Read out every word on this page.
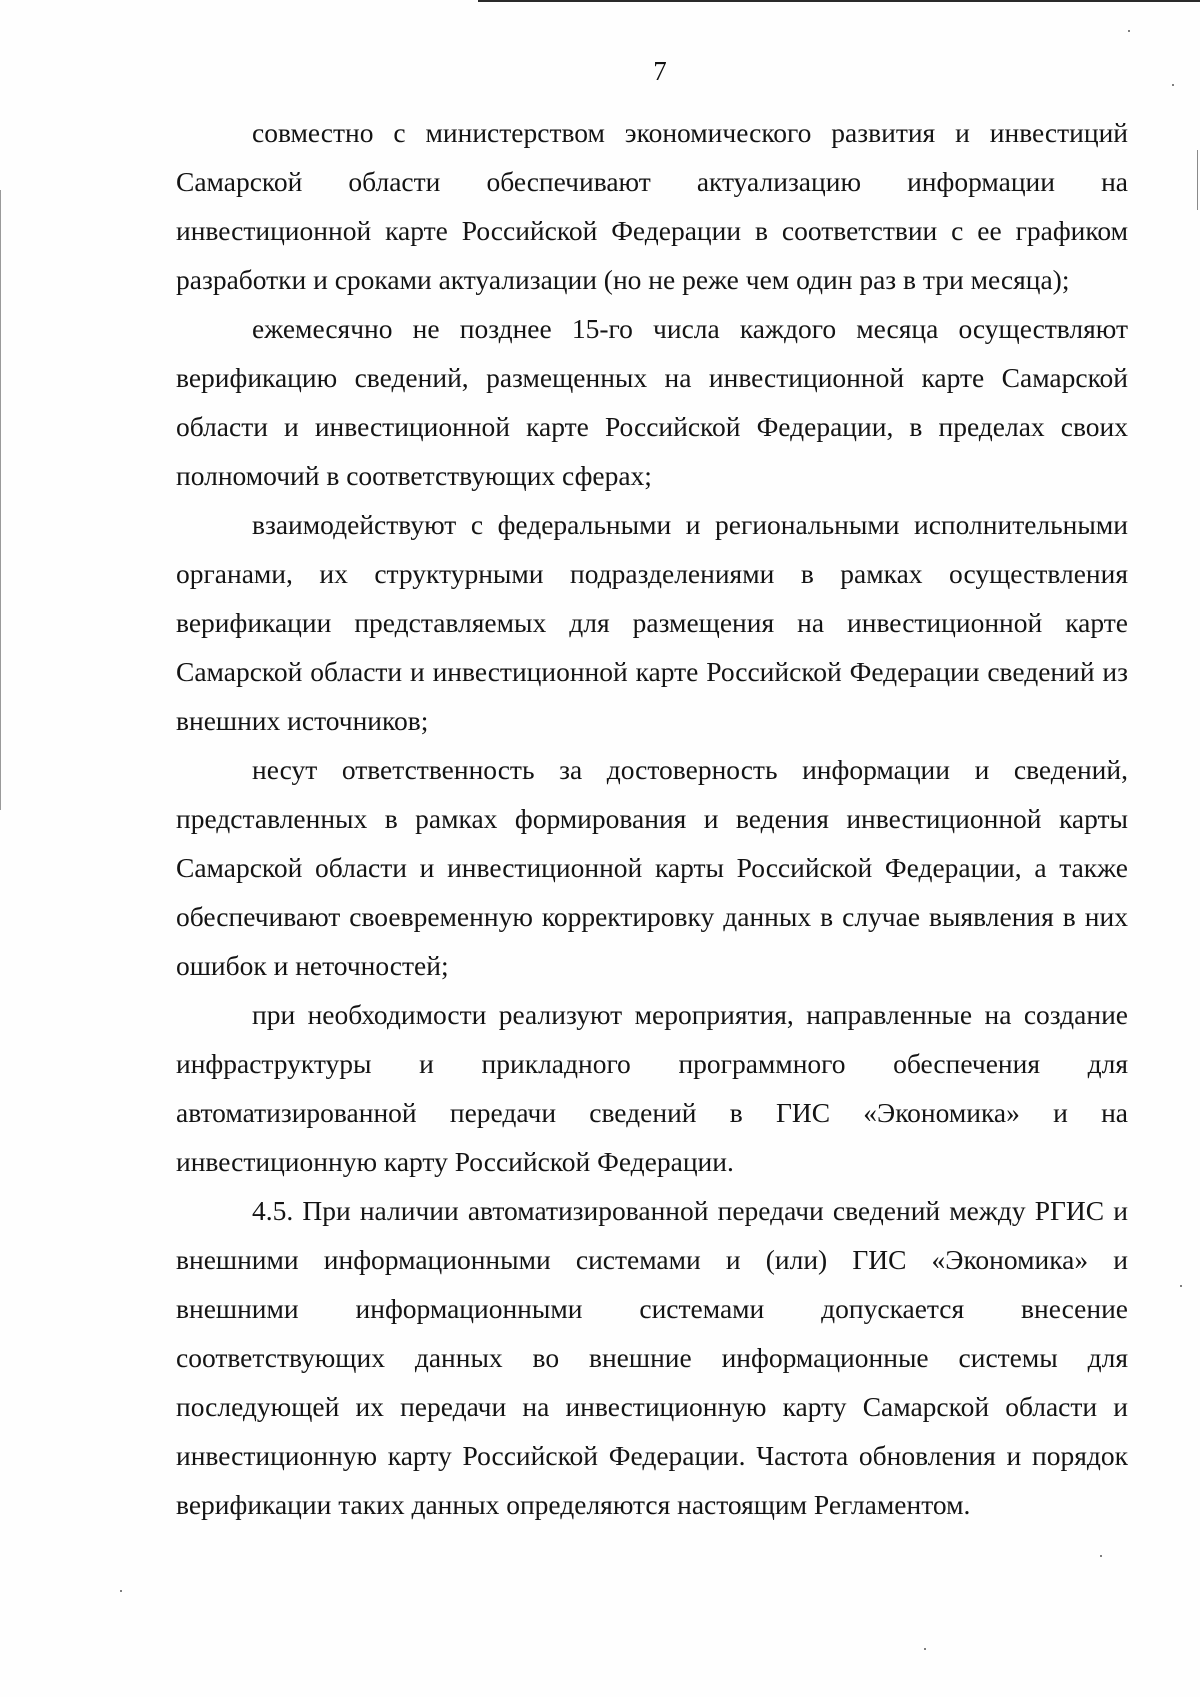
7

совместно с министерством экономического развития и инвестиций Самарской области обеспечивают актуализацию информации на инвестиционной карте Российской Федерации в соответствии с ее графиком разработки и сроками актуализации (но не реже чем один раз в три месяца);

ежемесячно не позднее 15-го числа каждого месяца осуществляют верификацию сведений, размещенных на инвестиционной карте Самарской области и инвестиционной карте Российской Федерации, в пределах своих полномочий в соответствующих сферах;

взаимодействуют с федеральными и региональными исполнительными органами, их структурными подразделениями в рамках осуществления верификации представляемых для размещения на инвестиционной карте Самарской области и инвестиционной карте Российской Федерации сведений из внешних источников;

несут ответственность за достоверность информации и сведений, представленных в рамках формирования и ведения инвестиционной карты Самарской области и инвестиционной карты Российской Федерации, а также обеспечивают своевременную корректировку данных в случае выявления в них ошибок и неточностей;

при необходимости реализуют мероприятия, направленные на создание инфраструктуры и прикладного программного обеспечения для автоматизированной передачи сведений в ГИС «Экономика» и на инвестиционную карту Российской Федерации.

4.5. При наличии автоматизированной передачи сведений между РГИС и внешними информационными системами и (или) ГИС «Экономика» и внешними информационными системами допускается внесение соответствующих данных во внешние информационные системы для последующей их передачи на инвестиционную карту Самарской области и инвестиционную карту Российской Федерации. Частота обновления и порядок верификации таких данных определяются настоящим Регламентом.
